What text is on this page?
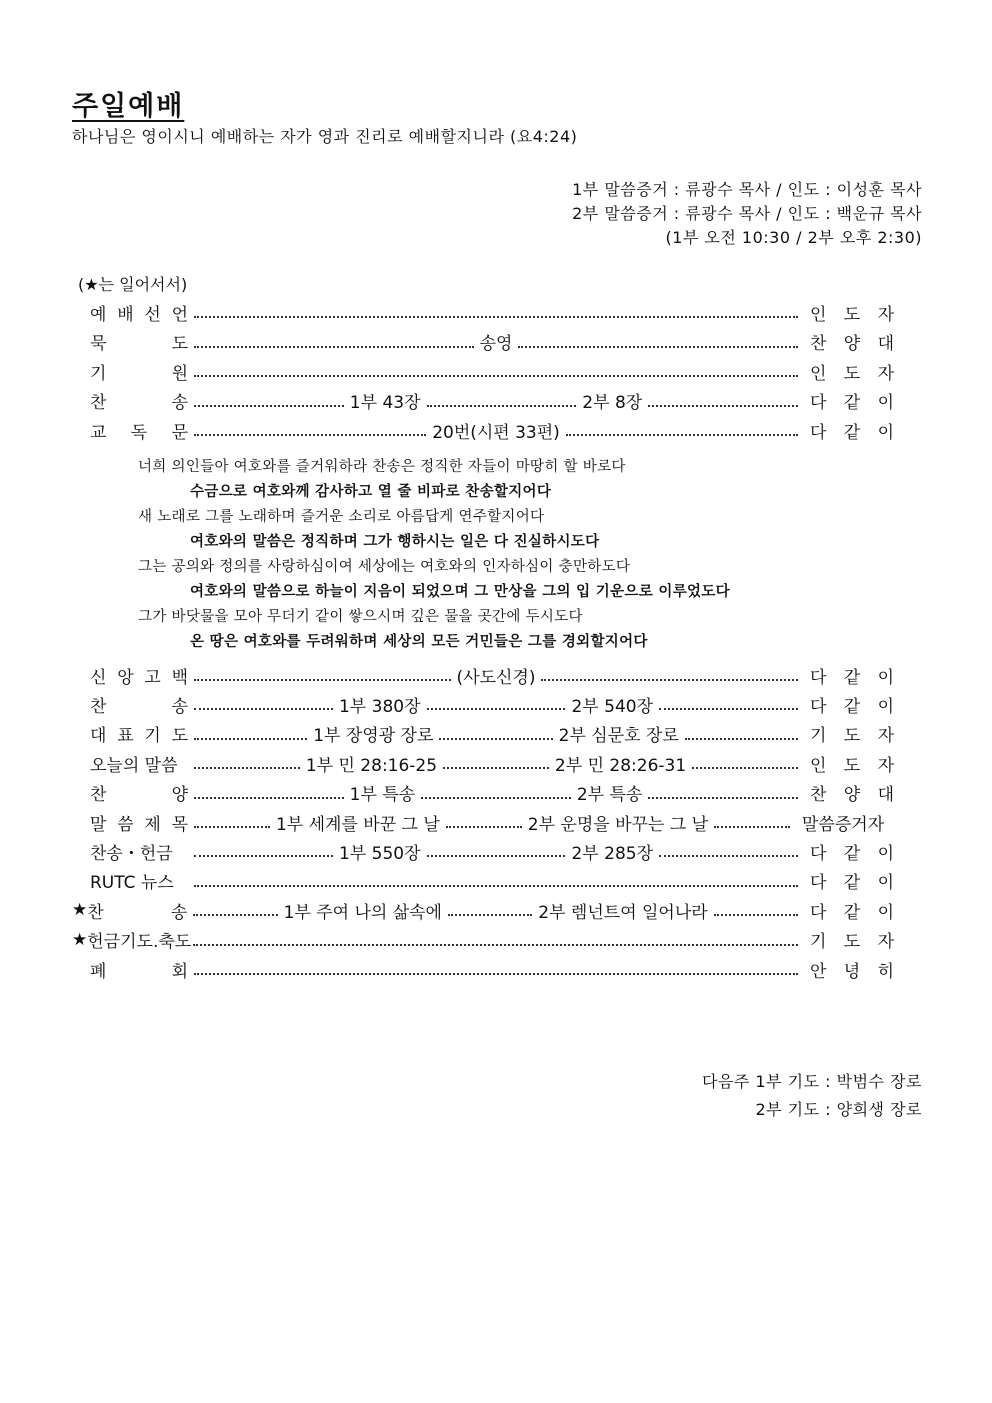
주일예배
하나님은 영이시니 예배하는 자가 영과 진리로 예배할지니라 (요4:24)
1부 말씀증거 : 류광수 목사 / 인도 : 이성훈 목사
2부 말씀증거 : 류광수 목사 / 인도 : 백운규 목사
(1부 오전 10:30 / 2부 오후 2:30)
(★는 일어서서)
예 배 선 언	인 도 자
묵	도	송영	찬 양 대
기	원	인 도 자
찬	송	1부 43장	2부 8장	다 같 이
교 독 문	20번(시편 33편)	다 같 이
너희 의인들아 여호와를 즐거워하라 찬송은 정직한 자들이 마땅히 할 바로다
수금으로 여호와께 감사하고 열 줄 비파로 찬송할지어다
새 노래로 그를 노래하며 즐거운 소리로 아름답게 연주할지어다
여호와의 말씀은 정직하며 그가 행하시는 일은 다 진실하시도다
그는 공의와 정의를 사랑하심이여 세상에는 여호와의 인자하심이 충만하도다
여호와의 말씀으로 하늘이 지음이 되었으며 그 만상을 그의 입 기운으로 이루었도다
그가 바닷물을 모아 무더기 같이 쌓으시며 깊은 물을 곳간에 두시도다
온 땅은 여호와를 두려워하며 세상의 모든 거민들은 그를 경외할지어다
신 앙 고 백	(사도신경)	다 같 이
찬	송	1부 380장	2부 540장	다 같 이
대 표 기 도	1부 장영광 장로	2부 심문호 장로	기 도 자
오늘의 말씀	1부 민 28:16-25	2부 민 28:26-31	인 도 자
찬	양	1부 특송	2부 특송	찬 양 대
말 씀 제 목	1부 세계를 바꾼 그 날	2부 운명을 바꾸는 그 날	말씀증거자
찬송・헌금	1부 550장	2부 285장	다 같 이
RUTC 뉴스	다 같 이
★ 찬	송	1부 주여 나의 삶속에	2부 렘넌트여 일어나라	다 같 이
★ 헌금기도.축도	기 도 자
폐	회	안 녕 히
다음주 1부 기도 : 박범수 장로
2부 기도 : 양희생 장로
